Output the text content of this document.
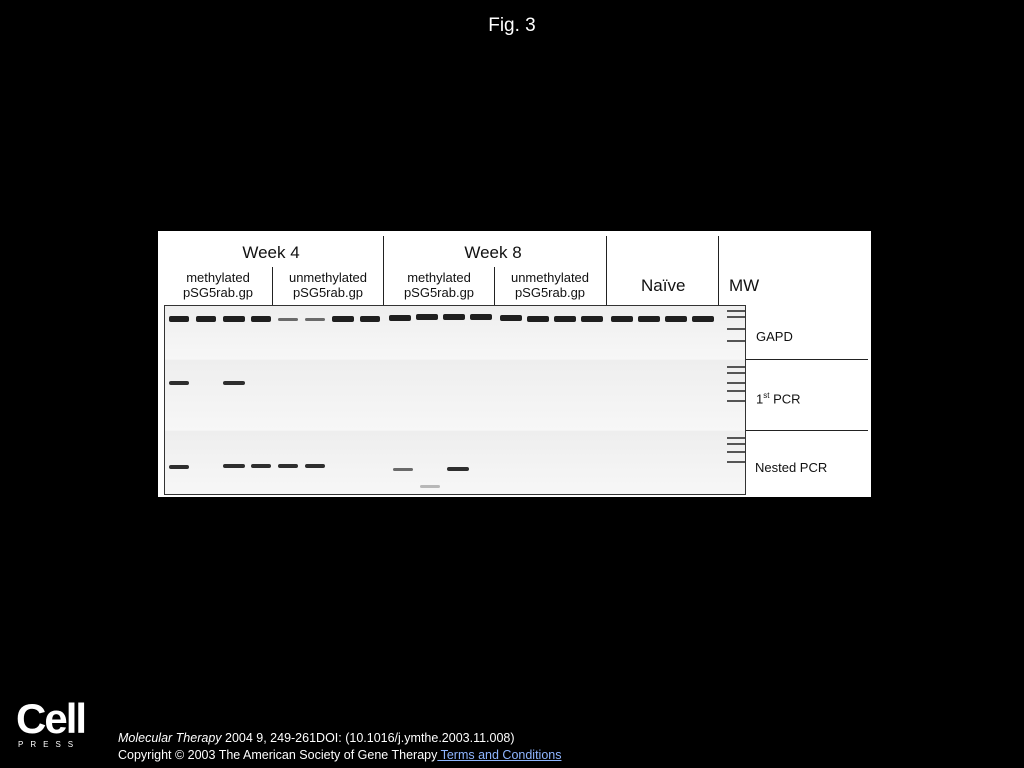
Fig. 3
Week 4	Week 8
methylated
pSG5rab.gp
unmethylated
pSG5rab.gp
methylated
pSG5rab.gp
unmethylated
pSG5rab.gp	Naïve	MW
GAPD
1st PCR
Nested PCR
Cell
PRESS	Molecular Therapy 2004 9, 249-261DOI: (10.1016/j.ymthe.2003.11.008)
Copyright © 2003 The American Society of Gene Therapy Terms and Conditions
